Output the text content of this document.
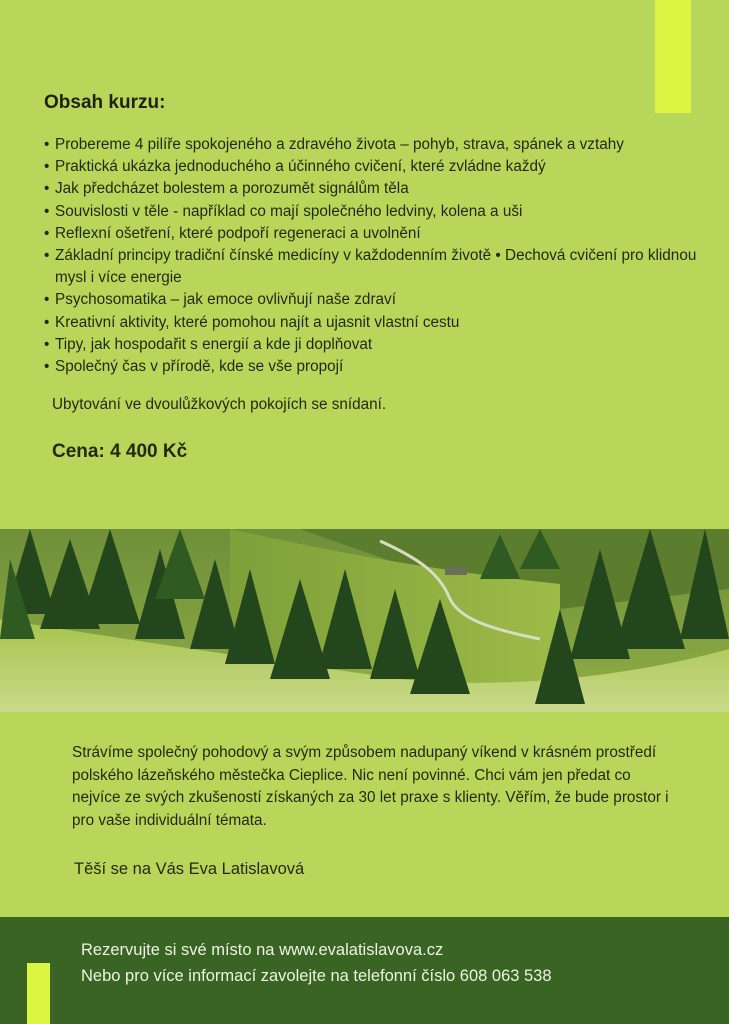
Obsah kurzu:
• Probereme 4 pilíře spokojeného a zdravého života – pohyb, strava, spánek a vztahy
• Praktická ukázka jednoduchého a účinného cvičení, které zvládne každý
• Jak předcházet bolestem a porozumět signálům těla
• Souvislosti v těle - například co mají společného ledviny, kolena a uši
• Reflexní ošetření, které podpoří regeneraci a uvolnění
• Základní principy tradiční čínské medicíny v každodenním životě • Dechová cvičení pro klidnou mysl i více energie
• Psychosomatika – jak emoce ovlivňují naše zdraví
• Kreativní aktivity, které pomohou najít a ujasnit vlastní cestu
• Tipy, jak hospodařit s energií a kde ji doplňovat
• Společný čas v přírodě, kde se vše propojí

Ubytování ve dvoulůžkových pokojích se snídaní.

Cena: 4 400 Kč

Strávíme společný pohodový a svým způsobem nadupaný víkend v krásném prostředí polského lázeňského městečka Cieplice. Nic není povinné. Chci vám jen předat co nejvíce ze svých zkušeností získaných za 30 let praxe s klienty. Věřím, že bude prostor i pro vaše individuální témata.

Těší se na Vás Eva Latislavová

Rezervujte si své místo na www.evalatislavova.cz

Nebo pro více informací zavolejte na telefonní číslo 608 063 538
